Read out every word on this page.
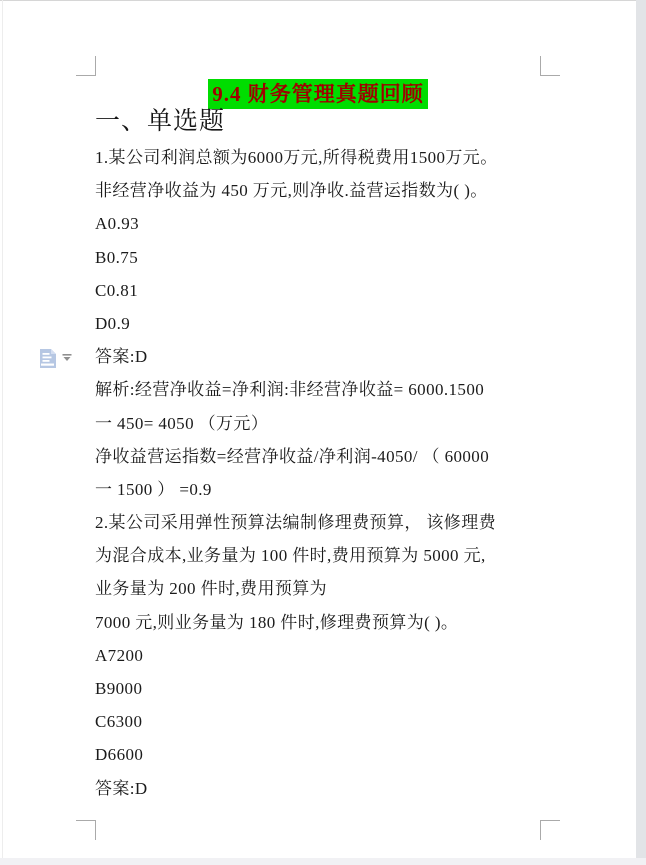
9.4 财务管理真题回顾
一、单选题
1.某公司利润总额为6000万元,所得税费用1500万元。
非经营净收益为 450 万元,则净收.益营运指数为( )。
A0.93
B0.75
C0.81
D0.9
答案:D
解析:经营净收益=净利润:非经营净收益= 6000.1500
一 450= 4050 （万元）
净收益营运指数=经营净收益/净利润-4050/ （ 60000
一 1500 ） =0.9
2.某公司采用弹性预算法编制修理费预算， 该修理费
为混合成本,业务量为 100 件时,费用预算为 5000 元,
业务量为 200 件时,费用预算为
7000 元,则业务量为 180 件时,修理费预算为( )。
A7200
B9000
C6300
D6600
答案:D
